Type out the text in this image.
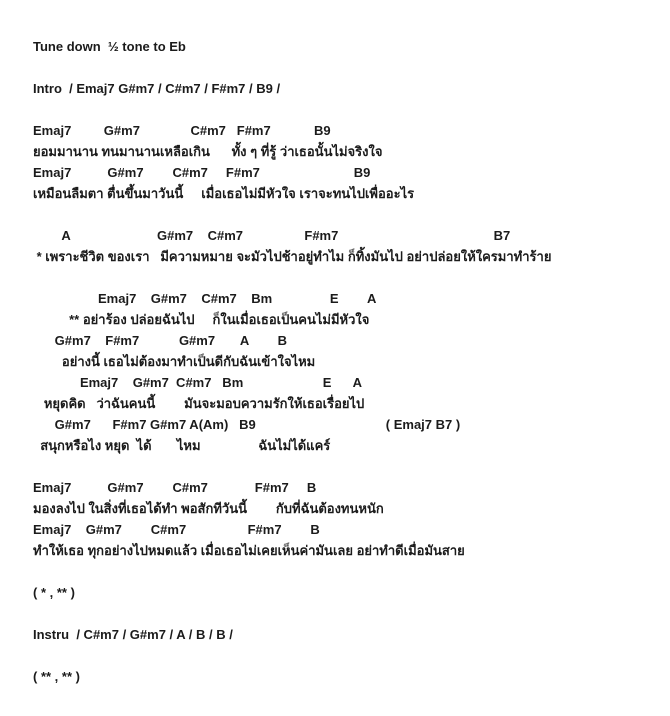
Tune down  ½ tone to Eb
Intro  / Emaj7 G#m7 / C#m7 / F#m7 / B9 /
Emaj7         G#m7              C#m7   F#m7            B9
ยอมมานาน ทนมานานเหลือเกิน      ทั้ง ๆ ที่รู้ ว่าเธอนั้นไม่จริงใจ
Emaj7          G#m7        C#m7     F#m7                          B9
เหมือนลืมตา ตื่นขึ้นมาวันนี้     เมื่อเธอไม่มีหัวใจ เราจะทนไปเพื่ออะไร
A                        G#m7    C#m7                 F#m7                                           B7
* เพราะชีวิต ของเรา   มีความหมาย จะมัวไปช้าอยู่ทำไม ก็ทิ้งมันไป อย่าปล่อยให้ใครมาทำร้าย
Emaj7    G#m7    C#m7    Bm                E        A
** อย่าร้อง ปล่อยฉันไป     ก็ในเมื่อเธอเป็นคนไม่มีหัวใจ
G#m7    F#m7           G#m7       A        B
อย่างนี้ เธอไม่ต้องมาทำเป็นดีกับฉันเข้าใจไหม
Emaj7    G#m7  C#m7   Bm                      E      A
หยุดคิด   ว่าฉันคนนี้        มันจะมอบความรักให้เธอเรื่อยไป
G#m7      F#m7 G#m7 A(Am)   B9                                    ( Emaj7 B7 )
สนุกหรือไง หยุด  ได้       ไหม                ฉันไม่ได้แคร์
Emaj7          G#m7        C#m7             F#m7     B
มองลงไป ในสิ่งที่เธอได้ทำ พอสักทีวันนี้        กับที่ฉันต้องทนหนัก
Emaj7    G#m7        C#m7                 F#m7        B
ทำให้เธอ ทุกอย่างไปหมดแล้ว เมื่อเธอไม่เคยเห็นค่ามันเลย อย่าทำดีเมื่อมันสาย
( * , ** )
Instru  / C#m7 / G#m7 / A / B / B /
( ** , ** )
